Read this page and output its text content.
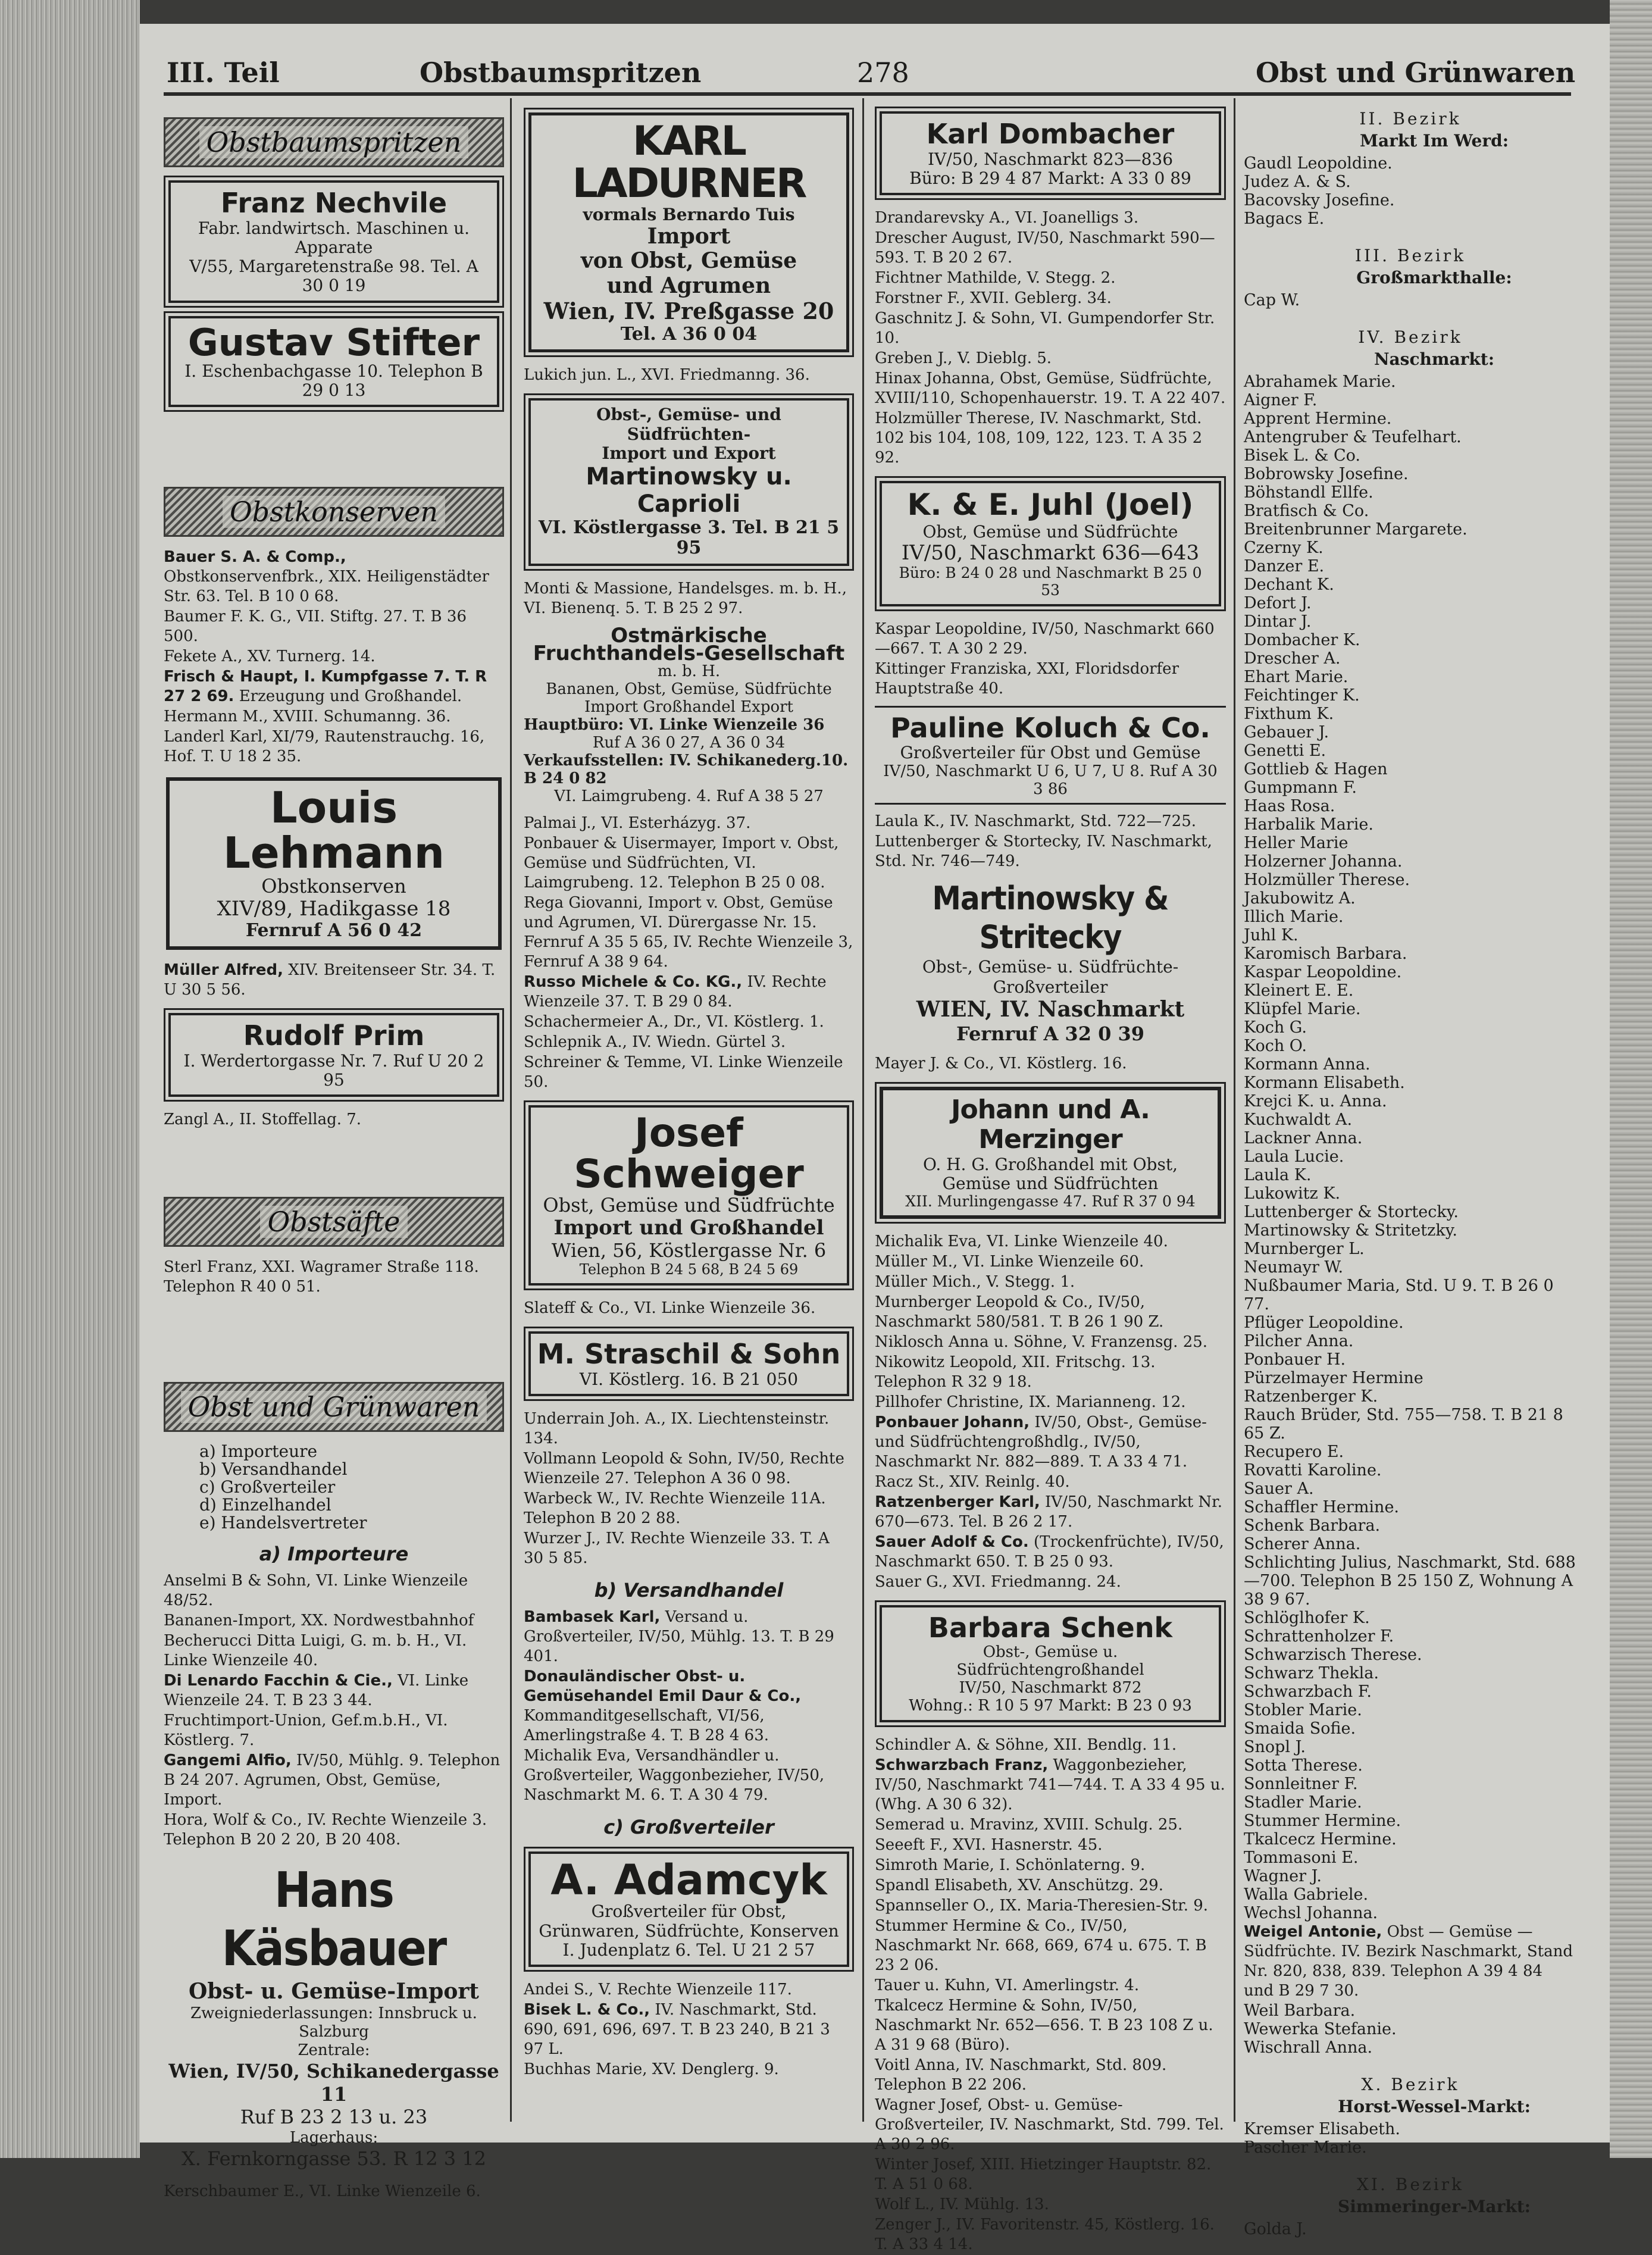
III. Teil	Obstbaumspritzen	278	Obst und Grünwaren
Obstbaumspritzen
Franz Nechvile
Fabr. landwirtsch. Maschinen u. Apparate
V/55, Margaretenstraße 98. Tel. A 30 0 19
Gustav Stifter
I. Eschenbachgasse 10. Telephon B 29 0 13
Obstkonserven
Bauer S. A. & Comp., Obstkonservenfbrk., XIX. Heiligenstädter Str. 63. Tel. B 10 0 68.
Baumer F. K. G., VII. Stiftg. 27. T. B 36 500.
Fekete A., XV. Turnerg. 14.
Frisch & Haupt, I. Kumpfgasse 7. T. R 27 2 69. Erzeugung und Großhandel.
Hermann M., XVIII. Schumanng. 36.
Landerl Karl, XI/79, Rautenstrauchg. 16, Hof. T. U 18 2 35.
Louis Lehmann
Obstkonserven
XIV/89, Hadikgasse 18
Fernruf A 56 0 42
Müller Alfred, XIV. Breitenseer Str. 34. T. U 30 5 56.
Rudolf Prim
I. Werdertorgasse Nr. 7. Ruf U 20 2 95
Zangl A., II. Stoffellag. 7.
Obstsäfte
Sterl Franz, XXI. Wagramer Straße 118. Telephon R 40 0 51.
Obst und Grünwaren
a) Importeure
b) Versandhandel
c) Großverteiler
d) Einzelhandel
e) Handelsvertreter
a) Importeure
Anselmi B & Sohn, VI. Linke Wienzeile 48/52.
Bananen-Import, XX. Nordwestbahnhof
Becherucci Ditta Luigi, G. m. b. H., VI. Linke Wienzeile 40.
Di Lenardo Facchin & Cie., VI. Linke Wienzeile 24. T. B 23 3 44.
Fruchtimport-Union, Gef.m.b.H., VI. Köstlerg. 7.
Gangemi Alfio, IV/50, Mühlg. 9. Telephon B 24 207. Agrumen, Obst, Gemüse, Import.
Hora, Wolf & Co., IV. Rechte Wienzeile 3. Telephon B 20 2 20, B 20 408.
Hans Käsbauer
Obst- u. Gemüse-Import
Zweigniederlassungen: Innsbruck u. Salzburg
Zentrale:
Wien, IV/50, Schikanedergasse 11
Ruf B 23 2 13 u. 23
Lagerhaus:
X. Fernkorngasse 53. R 12 3 12
Kerschbaumer E., VI. Linke Wienzeile 6.
KARL LADURNER
vormals Bernardo Tuis
Import
von Obst, Gemüse
und Agrumen
Wien, IV. Preßgasse 20
Tel. A 36 0 04
Lukich jun. L., XVI. Friedmanng. 36.
Obst-, Gemüse- und Südfrüchten-
Import und Export
Martinowsky u. Caprioli
VI. Köstlergasse 3. Tel. B 21 5 95
Monti & Massione, Handelsges. m. b. H., VI. Bienenq. 5. T. B 25 2 97.
Ostmärkische Fruchthandels-Gesellschaft
m. b. H.
Bananen, Obst, Gemüse, Südfrüchte
Import Großhandel Export
Hauptbüro: VI. Linke Wienzeile 36
Ruf A 36 0 27, A 36 0 34
Verkaufsstellen: IV. Schikanederg.10. B 24 0 82
VI. Laimgrubeng. 4. Ruf A 38 5 27
Palmai J., VI. Esterházyg. 37.
Ponbauer & Uisermayer, Import v. Obst, Gemüse und Südfrüchten, VI. Laimgrubeng. 12. Telephon B 25 0 08.
Rega Giovanni, Import v. Obst, Gemüse und Agrumen, VI. Dürergasse Nr. 15. Fernruf A 35 5 65, IV. Rechte Wienzeile 3, Fernruf A 38 9 64.
Russo Michele & Co. KG., IV. Rechte Wienzeile 37. T. B 29 0 84.
Schachermeier A., Dr., VI. Köstlerg. 1.
Schlepnik A., IV. Wiedn. Gürtel 3.
Schreiner & Temme, VI. Linke Wienzeile 50.
Josef Schweiger
Obst, Gemüse und Südfrüchte
Import und Großhandel
Wien, 56, Köstlergasse Nr. 6
Telephon B 24 5 68, B 24 5 69
Slateff & Co., VI. Linke Wienzeile 36.
M. Straschil & Sohn
VI. Köstlerg. 16. B 21 050
Underrain Joh. A., IX. Liechtensteinstr. 134.
Vollmann Leopold & Sohn, IV/50, Rechte Wienzeile 27. Telephon A 36 0 98.
Warbeck W., IV. Rechte Wienzeile 11A. Telephon B 20 2 88.
Wurzer J., IV. Rechte Wienzeile 33. T. A 30 5 85.
b) Versandhandel
Bambasek Karl, Versand u. Großverteiler, IV/50, Mühlg. 13. T. B 29 401.
Donauländischer Obst- u. Gemüsehandel Emil Daur & Co., Kommanditgesellschaft, VI/56, Amerlingstraße 4. T. B 28 4 63.
Michalik Eva, Versandhändler u. Großverteiler, Waggonbezieher, IV/50, Naschmarkt M. 6. T. A 30 4 79.
c) Großverteiler
A. Adamcyk
Großverteiler für Obst,
Grünwaren, Südfrüchte, Konserven
I. Judenplatz 6. Tel. U 21 2 57
Andei S., V. Rechte Wienzeile 117.
Bisek L. & Co., IV. Naschmarkt, Std. 690, 691, 696, 697. T. B 23 240, B 21 3 97 L.
Buchhas Marie, XV. Denglerg. 9.
Karl Dombacher
IV/50, Naschmarkt 823—836
Büro: B 29 4 87 Markt: A 33 0 89
Drandarevsky A., VI. Joanelligs 3.
Drescher August, IV/50, Naschmarkt 590—593. T. B 20 2 67.
Fichtner Mathilde, V. Stegg. 2.
Forstner F., XVII. Geblerg. 34.
Gaschnitz J. & Sohn, VI. Gumpendorfer Str. 10.
Greben J., V. Dieblg. 5.
Hinax Johanna, Obst, Gemüse, Südfrüchte, XVIII/110, Schopenhauerstr. 19. T. A 22 407.
Holzmüller Therese, IV. Naschmarkt, Std. 102 bis 104, 108, 109, 122, 123. T. A 35 2 92.
K. & E. Juhl (Joel)
Obst, Gemüse und Südfrüchte
IV/50, Naschmarkt 636—643
Büro: B 24 0 28 und Naschmarkt B 25 0 53
Kaspar Leopoldine, IV/50, Naschmarkt 660—667. T. A 30 2 29.
Kittinger Franziska, XXI, Floridsdorfer Hauptstraße 40.
Pauline Koluch & Co.
Großverteiler für Obst und Gemüse
IV/50, Naschmarkt U 6, U 7, U 8. Ruf A 30 3 86
Laula K., IV. Naschmarkt, Std. 722—725.
Luttenberger & Stortecky, IV. Naschmarkt, Std. Nr. 746—749.
Martinowsky & Stritecky
Obst-, Gemüse- u. Südfrüchte-
Großverteiler
WIEN, IV. Naschmarkt
Fernruf A 32 0 39
Mayer J. & Co., VI. Köstlerg. 16.
Johann und A. Merzinger
O. H. G. Großhandel mit Obst,
Gemüse und Südfrüchten
XII. Murlingengasse 47. Ruf R 37 0 94
Michalik Eva, VI. Linke Wienzeile 40.
Müller M., VI. Linke Wienzeile 60.
Müller Mich., V. Stegg. 1.
Murnberger Leopold & Co., IV/50, Naschmarkt 580/581. T. B 26 1 90 Z.
Niklosch Anna u. Söhne, V. Franzensg. 25.
Nikowitz Leopold, XII. Fritschg. 13. Telephon R 32 9 18.
Pillhofer Christine, IX. Marianneng. 12.
Ponbauer Johann, IV/50, Obst-, Gemüse- und Südfrüchtengroßhdlg., IV/50, Naschmarkt Nr. 882—889. T. A 33 4 71.
Racz St., XIV. Reinlg. 40.
Ratzenberger Karl, IV/50, Naschmarkt Nr. 670—673. Tel. B 26 2 17.
Sauer Adolf & Co. (Trockenfrüchte), IV/50, Naschmarkt 650. T. B 25 0 93.
Sauer G., XVI. Friedmanng. 24.
Barbara Schenk
Obst-, Gemüse u. Südfrüchtengroßhandel
IV/50, Naschmarkt 872
Wohng.: R 10 5 97 Markt: B 23 0 93
Schindler A. & Söhne, XII. Bendlg. 11.
Schwarzbach Franz, Waggonbezieher, IV/50, Naschmarkt 741—744. T. A 33 4 95 u. (Whg. A 30 6 32).
Semerad u. Mravinz, XVIII. Schulg. 25.
Seeeft F., XVI. Hasnerstr. 45.
Simroth Marie, I. Schönlaterng. 9.
Spandl Elisabeth, XV. Anschützg. 29.
Spannseller O., IX. Maria-Theresien-Str. 9.
Stummer Hermine & Co., IV/50, Naschmarkt Nr. 668, 669, 674 u. 675. T. B 23 2 06.
Tauer u. Kuhn, VI. Amerlingstr. 4.
Tkalcecz Hermine & Sohn, IV/50, Naschmarkt Nr. 652—656. T. B 23 108 Z u. A 31 9 68 (Büro).
Voitl Anna, IV. Naschmarkt, Std. 809. Telephon B 22 206.
Wagner Josef, Obst- u. Gemüse-Großverteiler, IV. Naschmarkt, Std. 799. Tel. A 30 2 96.
Winter Josef, XIII. Hietzinger Hauptstr. 82. T. A 51 0 68.
Wolf L., IV. Mühlg. 13.
Zenger J., IV. Favoritenstr. 45, Köstlerg. 16. T. A 33 4 14.
II. Bezirk
Markt Im Werd:
Gaudl Leopoldine.
Judez A. & S.
Bacovsky Josefine.
Bagacs E.
III. Bezirk
Großmarkthalle:
Cap W.
IV. Bezirk
Naschmarkt:
Abrahamek Marie.
Aigner F.
Apprent Hermine.
Antengruber & Teufelhart.
Bisek L. & Co.
Bobrowsky Josefine.
Böhstandl Ellfe.
Bratfisch & Co.
Breitenbrunner Margarete.
Czerny K.
Danzer E.
Dechant K.
Defort J.
Dintar J.
Dombacher K.
Drescher A.
Ehart Marie.
Feichtinger K.
Fixthum K.
Gebauer J.
Genetti E.
Gottlieb & Hagen
Gumpmann F.
Haas Rosa.
Harbalik Marie.
Heller Marie
Holzerner Johanna.
Holzmüller Therese.
Jakubowitz A.
Illich Marie.
Juhl K.
Karomisch Barbara.
Kaspar Leopoldine.
Kleinert E. E.
Klüpfel Marie.
Koch G.
Koch O.
Kormann Anna.
Kormann Elisabeth.
Krejci K. u. Anna.
Kuchwaldt A.
Lackner Anna.
Laula Lucie.
Laula K.
Lukowitz K.
Luttenberger & Stortecky.
Martinowsky & Stritetzky.
Murnberger L.
Neumayr W.
Nußbaumer Maria, Std. U 9. T. B 26 0 77.
Pflüger Leopoldine.
Pilcher Anna.
Ponbauer H.
Pürzelmayer Hermine
Ratzenberger K.
Rauch Brüder, Std. 755—758. T. B 21 8 65 Z.
Recupero E.
Rovatti Karoline.
Sauer A.
Schaffler Hermine.
Schenk Barbara.
Scherer Anna.
Schlichting Julius, Naschmarkt, Std. 688—700. Telephon B 25 150 Z, Wohnung A 38 9 67.
Schlöglhofer K.
Schrattenholzer F.
Schwarzisch Therese.
Schwarz Thekla.
Schwarzbach F.
Stobler Marie.
Smaida Sofie.
Snopl J.
Sotta Therese.
Sonnleitner F.
Stadler Marie.
Stummer Hermine.
Tkalcecz Hermine.
Tommasoni E.
Wagner J.
Walla Gabriele.
Wechsl Johanna.
Weigel Antonie, Obst — Gemüse — Südfrüchte. IV. Bezirk Naschmarkt, Stand Nr. 820, 838, 839. Telephon A 39 4 84 und B 29 7 30.
Weil Barbara.
Wewerka Stefanie.
Wischrall Anna.
X. Bezirk
Horst-Wessel-Markt:
Kremser Elisabeth.
Pascher Marie.
XI. Bezirk
Simmeringer-Markt:
Golda J.
